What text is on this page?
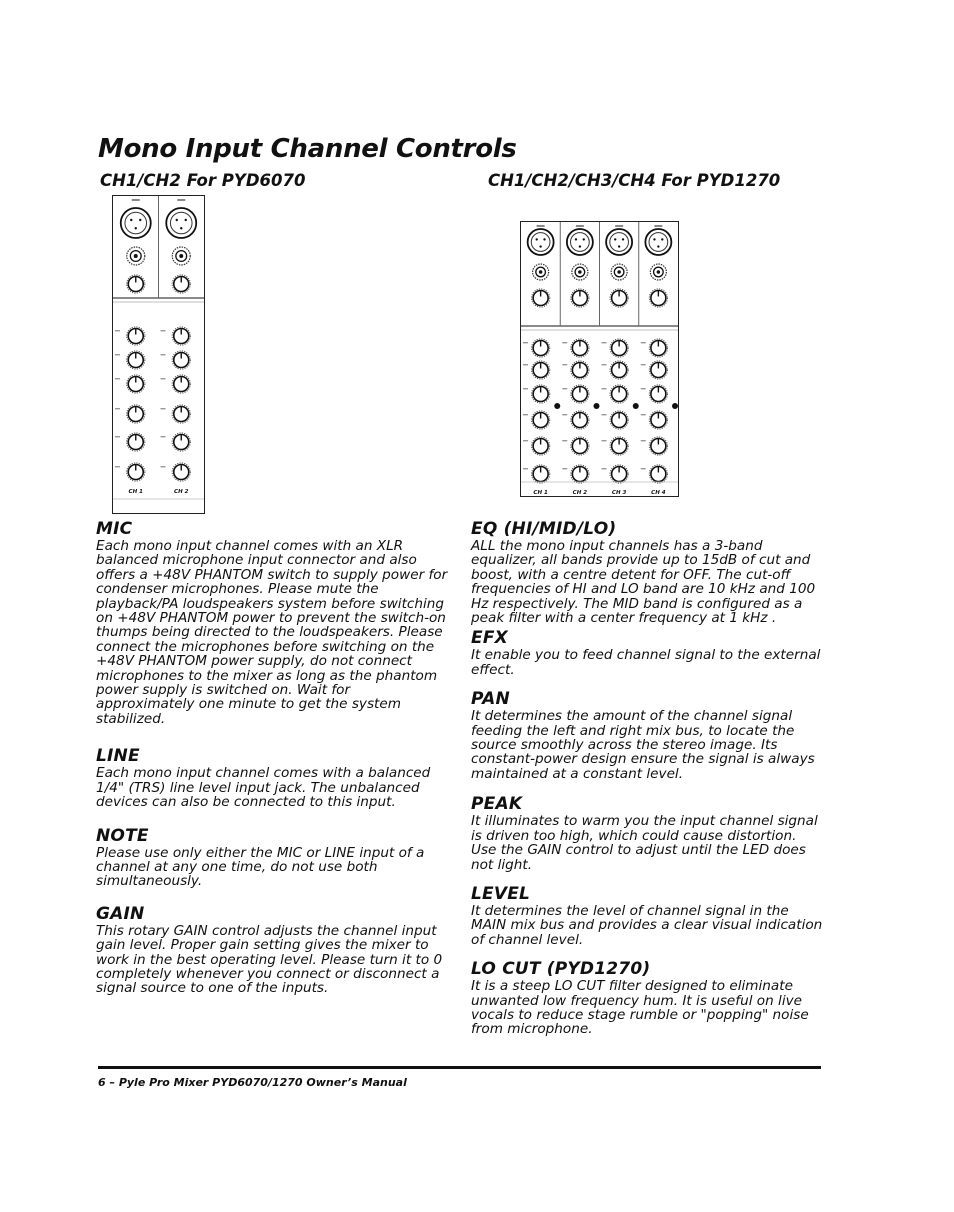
Mono Input Channel Controls
CH1/CH2 For PYD6070	CH1/CH2/CH3/CH4 For PYD1270
CH 1	CH 2	CH 1	CH 2	CH 3	CH 4
MIC

Each mono input channel comes with an XLR balanced microphone input connector and also offers a +48V PHANTOM switch to supply power for condenser microphones. Please mute the playback/PA loudspeakers system before switching on +48V PHANTOM power to prevent the switch-on thumps being directed to the loudspeakers. Please connect the microphones before switching on the +48V PHANTOM power supply, do not connect microphones to the mixer as long as the phantom power supply is switched on. Wait for approximately one minute to get the system stabilized.

LINE

Each mono input channel comes with a balanced 1/4" (TRS) line level input jack. The unbalanced devices can also be connected to this input.

NOTE

Please use only either the MIC or LINE input of a channel at any one time, do not use both simultaneously.

GAIN

This rotary GAIN control adjusts the channel input gain level. Proper gain setting gives the mixer to work in the best operating level. Please turn it to 0 completely whenever you connect or disconnect a signal source to one of the inputs.

EQ (HI/MID/LO)

ALL the mono input channels has a 3-band equalizer, all bands provide up to 15dB of cut and boost, with a centre detent for OFF. The cut-off frequencies of HI and LO band are 10 kHz and 100 Hz respectively. The MID band is configured as a peak filter with a center frequency at 1 kHz .

EFX

It enable you to feed channel signal to the external effect.

PAN

It determines the amount of the channel signal feeding the left and right mix bus, to locate the source smoothly across the stereo image. Its constant-power design ensure the signal is always maintained at a constant level.

PEAK

It illuminates to warm you the input channel signal is driven too high, which could cause distortion. Use the GAIN control to adjust until the LED does not light.

LEVEL

It determines the level of channel signal in the MAIN mix bus and provides a clear visual indication of channel level.

LO CUT (PYD1270)

It is a steep LO CUT filter designed to eliminate unwanted low frequency hum. It is useful on live vocals to reduce stage rumble or "popping" noise from microphone.

6 – Pyle Pro Mixer PYD6070/1270 Owner’s Manual
